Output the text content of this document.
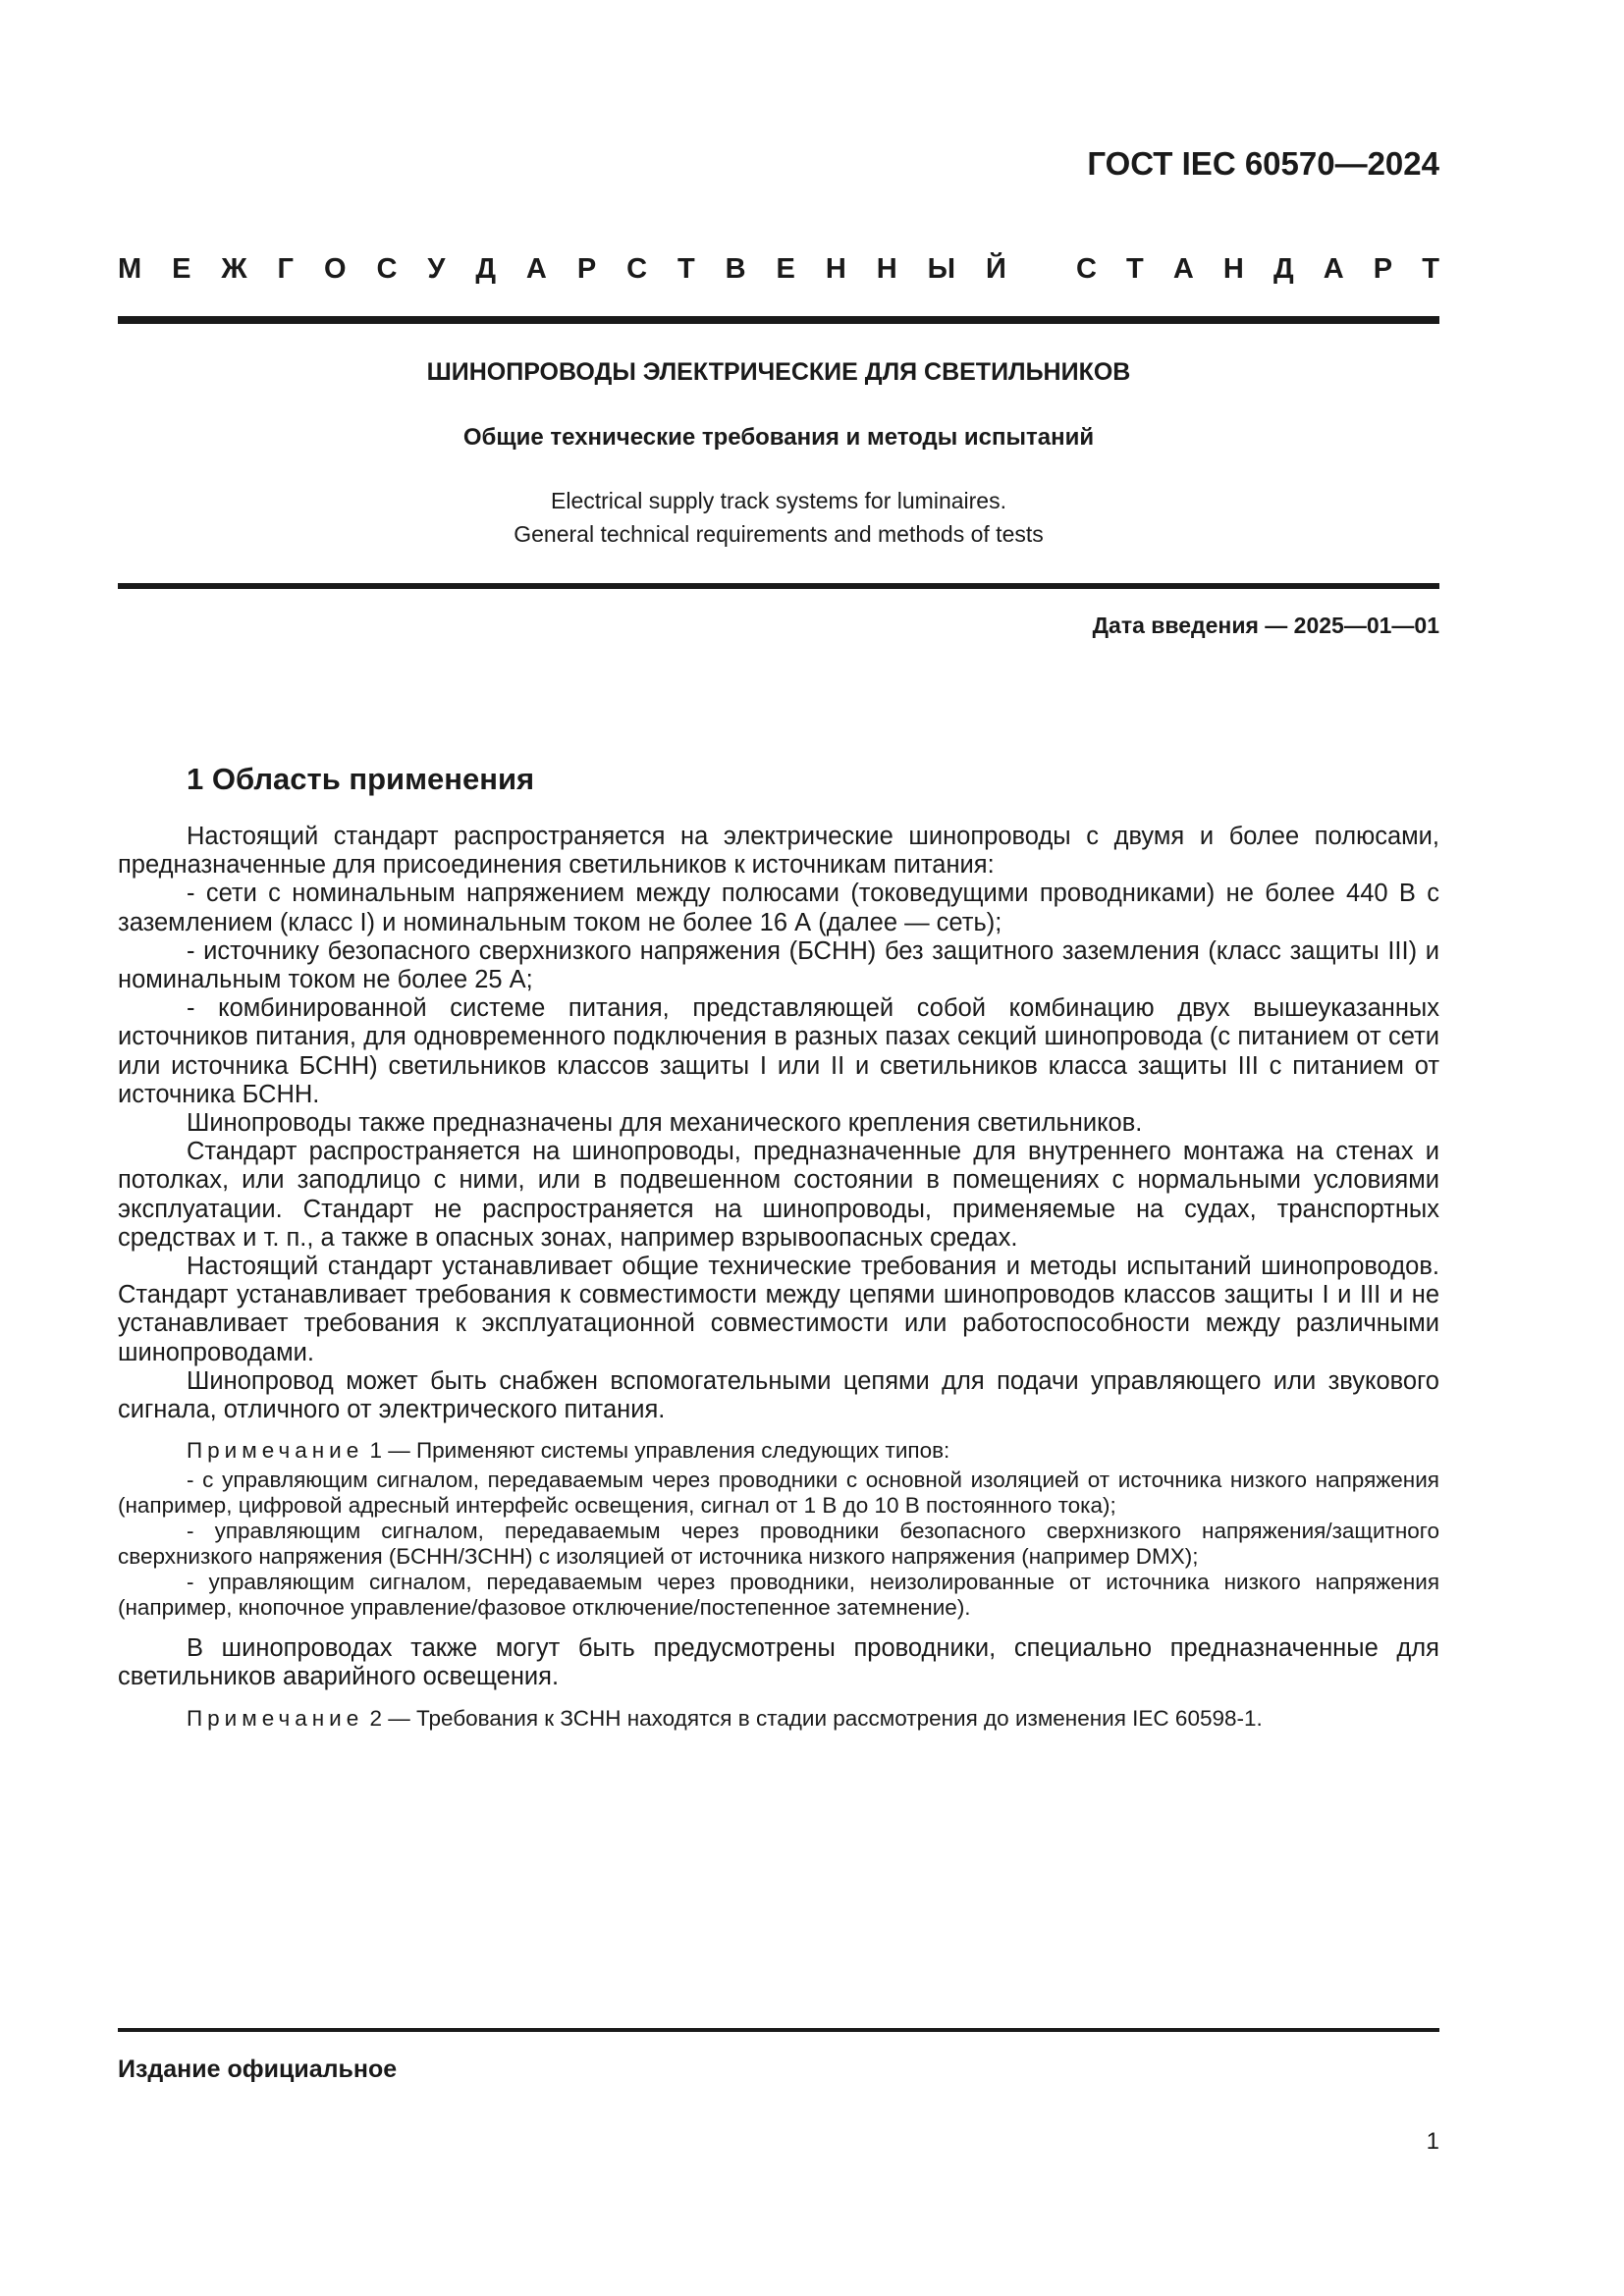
ГОСТ IEC 60570—2024
М Е Ж Г О С У Д А Р С Т В Е Н Н Ы Й С Т А Н Д А Р Т
ШИНОПРОВОДЫ ЭЛЕКТРИЧЕСКИЕ ДЛЯ СВЕТИЛЬНИКОВ
Общие технические требования и методы испытаний
Electrical supply track systems for luminaires.
General technical requirements and methods of tests
Дата введения — 2025—01—01
1 Область применения

Настоящий стандарт распространяется на электрические шинопроводы с двумя и более полюсами, предназначенные для присоединения светильников к источникам питания:

- сети с номинальным напряжением между полюсами (токоведущими проводниками) не более 440 В с заземлением (класс I) и номинальным током не более 16 А (далее — сеть);

- источнику безопасного сверхнизкого напряжения (БСНН) без защитного заземления (класс защиты III) и номинальным током не более 25 А;

- комбинированной системе питания, представляющей собой комбинацию двух вышеуказанных источников питания, для одновременного подключения в разных пазах секций шинопровода (с питанием от сети или источника БСНН) светильников классов защиты I или II и светильников класса защиты III с питанием от источника БСНН.

Шинопроводы также предназначены для механического крепления светильников.

Стандарт распространяется на шинопроводы, предназначенные для внутреннего монтажа на стенах и потолках, или заподлицо с ними, или в подвешенном состоянии в помещениях с нормальными условиями эксплуатации. Стандарт не распространяется на шинопроводы, применяемые на судах, транспортных средствах и т. п., а также в опасных зонах, например взрывоопасных средах.

Настоящий стандарт устанавливает общие технические требования и методы испытаний шинопроводов. Стандарт устанавливает требования к совместимости между цепями шинопроводов классов защиты I и III и не устанавливает требования к эксплуатационной совместимости или работоспособности между различными шинопроводами.

Шинопровод может быть снабжен вспомогательными цепями для подачи управляющего или звукового сигнала, отличного от электрического питания.

Примечание 1 — Применяют системы управления следующих типов:

- с управляющим сигналом, передаваемым через проводники с основной изоляцией от источника низкого напряжения (например, цифровой адресный интерфейс освещения, сигнал от 1 В до 10 В постоянного тока);

- управляющим сигналом, передаваемым через проводники безопасного сверхнизкого напряжения/защитного сверхнизкого напряжения (БСНН/ЗСНН) с изоляцией от источника низкого напряжения (например DMX);

- управляющим сигналом, передаваемым через проводники, неизолированные от источника низкого напряжения (например, кнопочное управление/фазовое отключение/постепенное затемнение).

В шинопроводах также могут быть предусмотрены проводники, специально предназначенные для светильников аварийного освещения.

Примечание 2 — Требования к ЗСНН находятся в стадии рассмотрения до изменения IEC 60598-1.

Издание официальное
1
